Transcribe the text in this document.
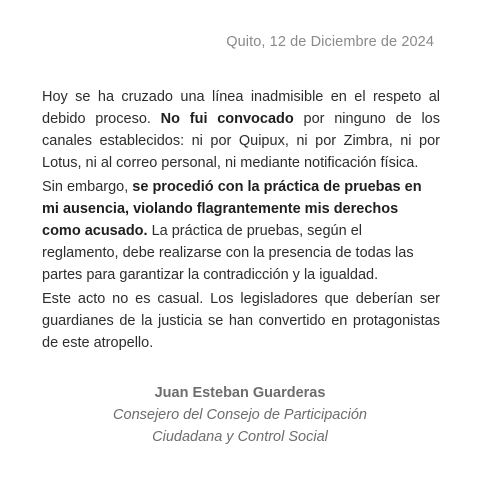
Quito, 12 de Diciembre de 2024

Hoy se ha cruzado una línea inadmisible en el respeto al debido proceso. No fui convocado por ninguno de los canales establecidos: ni por Quipux, ni por Zimbra, ni por Lotus, ni al correo personal, ni mediante notificación física.

Sin embargo, se procedió con la práctica de pruebas en mi ausencia, violando flagrantemente mis derechos como acusado. La práctica de pruebas, según el reglamento, debe realizarse con la presencia de todas las partes para garantizar la contradicción y la igualdad.

Este acto no es casual. Los legisladores que deberían ser guardianes de la justicia se han convertido en protagonistas de este atropello.

Juan Esteban Guarderas
Consejero del Consejo de Participación
Ciudadana y Control Social
